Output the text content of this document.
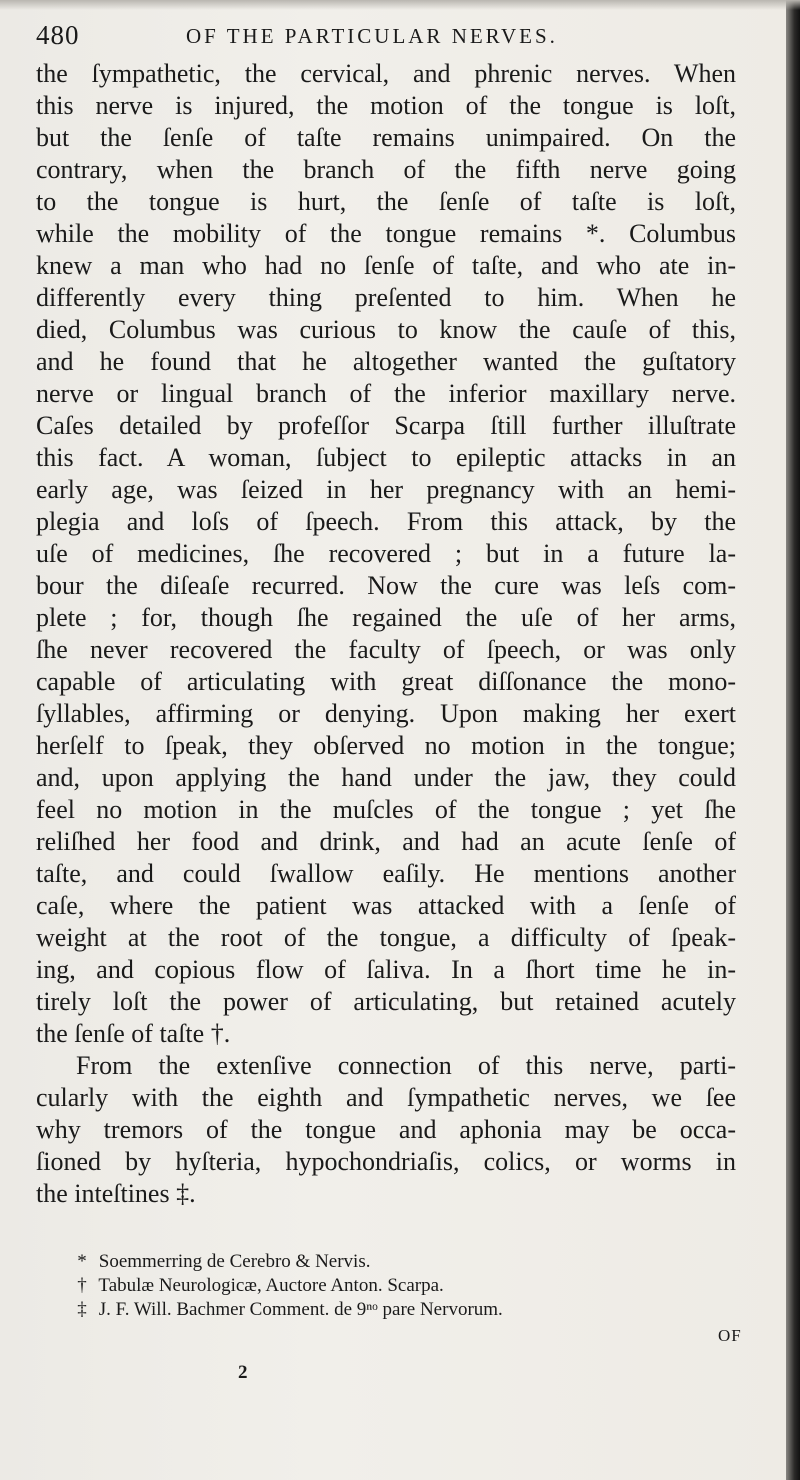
480	OF THE PARTICULAR NERVES.
the ſympathetic, the cervical, and phrenic nerves. When
this nerve is injured, the motion of the tongue is loſt,
but the ſenſe of taſte remains unimpaired. On the
contrary, when the branch of the fifth nerve going
to the tongue is hurt, the ſenſe of taſte is loſt,
while the mobility of the tongue remains *. Columbus
knew a man who had no ſenſe of taſte, and who ate in-
differently every thing preſented to him. When he
died, Columbus was curious to know the cauſe of this,
and he found that he altogether wanted the guſtatory
nerve or lingual branch of the inferior maxillary nerve.
Caſes detailed by profeſſor Scarpa ſtill further illuſtrate
this fact. A woman, ſubject to epileptic attacks in an
early age, was ſeized in her pregnancy with an hemi-
plegia and loſs of ſpeech. From this attack, by the
uſe of medicines, ſhe recovered ; but in a future la-
bour the diſeaſe recurred. Now the cure was leſs com-
plete ; for, though ſhe regained the uſe of her arms,
ſhe never recovered the faculty of ſpeech, or was only
capable of articulating with great diſſonance the mono-
ſyllables, affirming or denying. Upon making her exert
herſelf to ſpeak, they obſerved no motion in the tongue;
and, upon applying the hand under the jaw, they could
feel no motion in the muſcles of the tongue ; yet ſhe
reliſhed her food and drink, and had an acute ſenſe of
taſte, and could ſwallow eaſily. He mentions another
caſe, where the patient was attacked with a ſenſe of
weight at the root of the tongue, a difficulty of ſpeak-
ing, and copious flow of ſaliva. In a ſhort time he in-
tirely loſt the power of articulating, but retained acutely
the ſenſe of taſte †.
From the extenſive connection of this nerve, parti-
cularly with the eighth and ſympathetic nerves, we ſee
why tremors of the tongue and aphonia may be occa-
ſioned by hyſteria, hypochondriaſis, colics, or worms in
the inteſtines ‡.
* Soemmerring de Cerebro & Nervis.
† Tabulæ Neurologicæ, Auctore Anton. Scarpa.
‡ J. F. Will. Bachmer Comment. de 9ⁿᵒ pare Nervorum.
OF
2
